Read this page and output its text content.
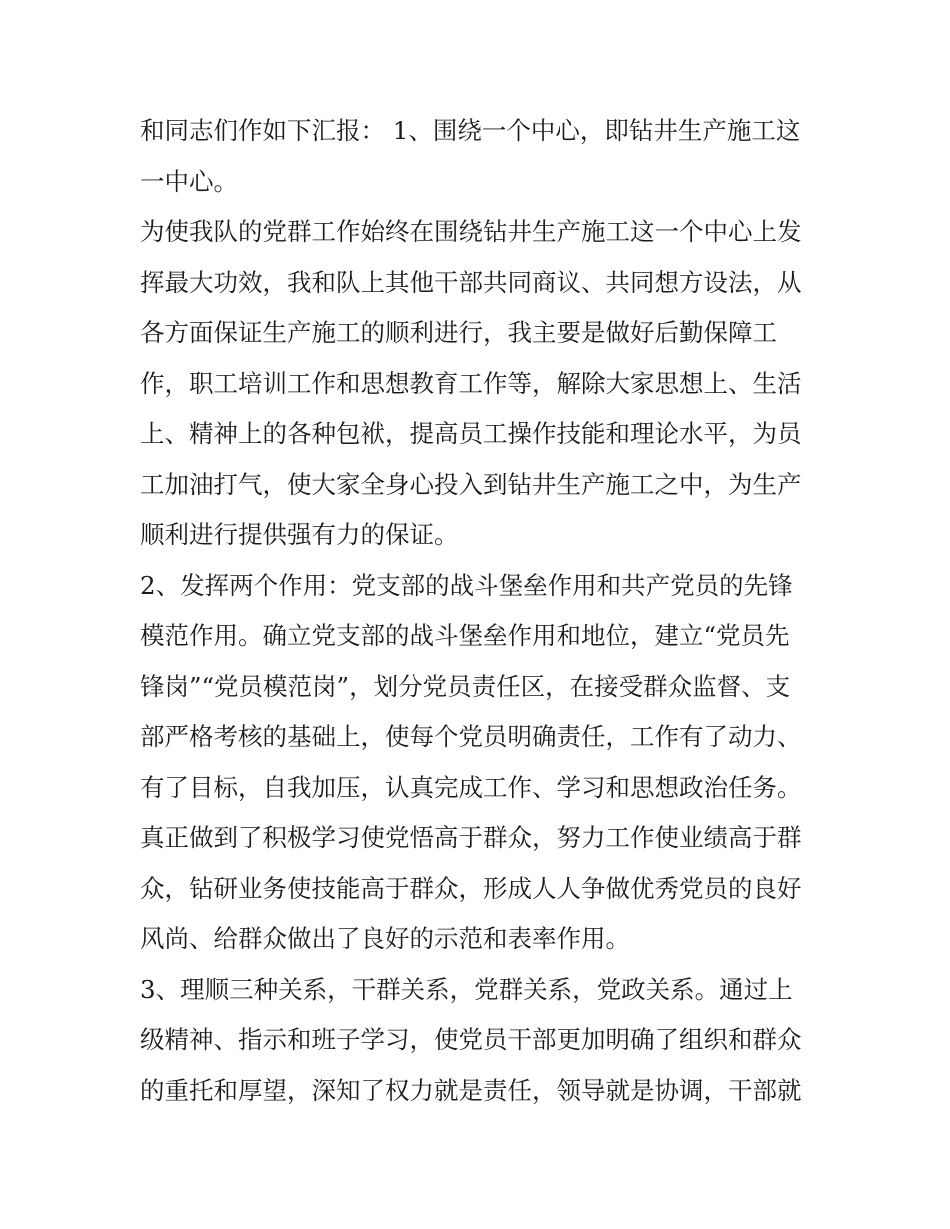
和同志们作如下汇报： 1、围绕一个中心，即钻井生产施工这
一中心。
为使我队的党群工作始终在围绕钻井生产施工这一个中心上发
挥最大功效，我和队上其他干部共同商议、共同想方设法，从
各方面保证生产施工的顺利进行，我主要是做好后勤保障工
作，职工培训工作和思想教育工作等，解除大家思想上、生活
上、精神上的各种包袱，提高员工操作技能和理论水平，为员
工加油打气，使大家全身心投入到钻井生产施工之中，为生产
顺利进行提供强有力的保证。
2、发挥两个作用：党支部的战斗堡垒作用和共产党员的先锋
模范作用。确立党支部的战斗堡垒作用和地位，建立“党员先
锋岗”“党员模范岗”，划分党员责任区，在接受群众监督、支
部严格考核的基础上，使每个党员明确责任，工作有了动力、
有了目标，自我加压，认真完成工作、学习和思想政治任务。
真正做到了积极学习使党悟高于群众，努力工作使业绩高于群
众，钻研业务使技能高于群众，形成人人争做优秀党员的良好
风尚、给群众做出了良好的示范和表率作用。
3、理顺三种关系，干群关系，党群关系，党政关系。通过上
级精神、指示和班子学习，使党员干部更加明确了组织和群众
的重托和厚望，深知了权力就是责任，领导就是协调，干部就
